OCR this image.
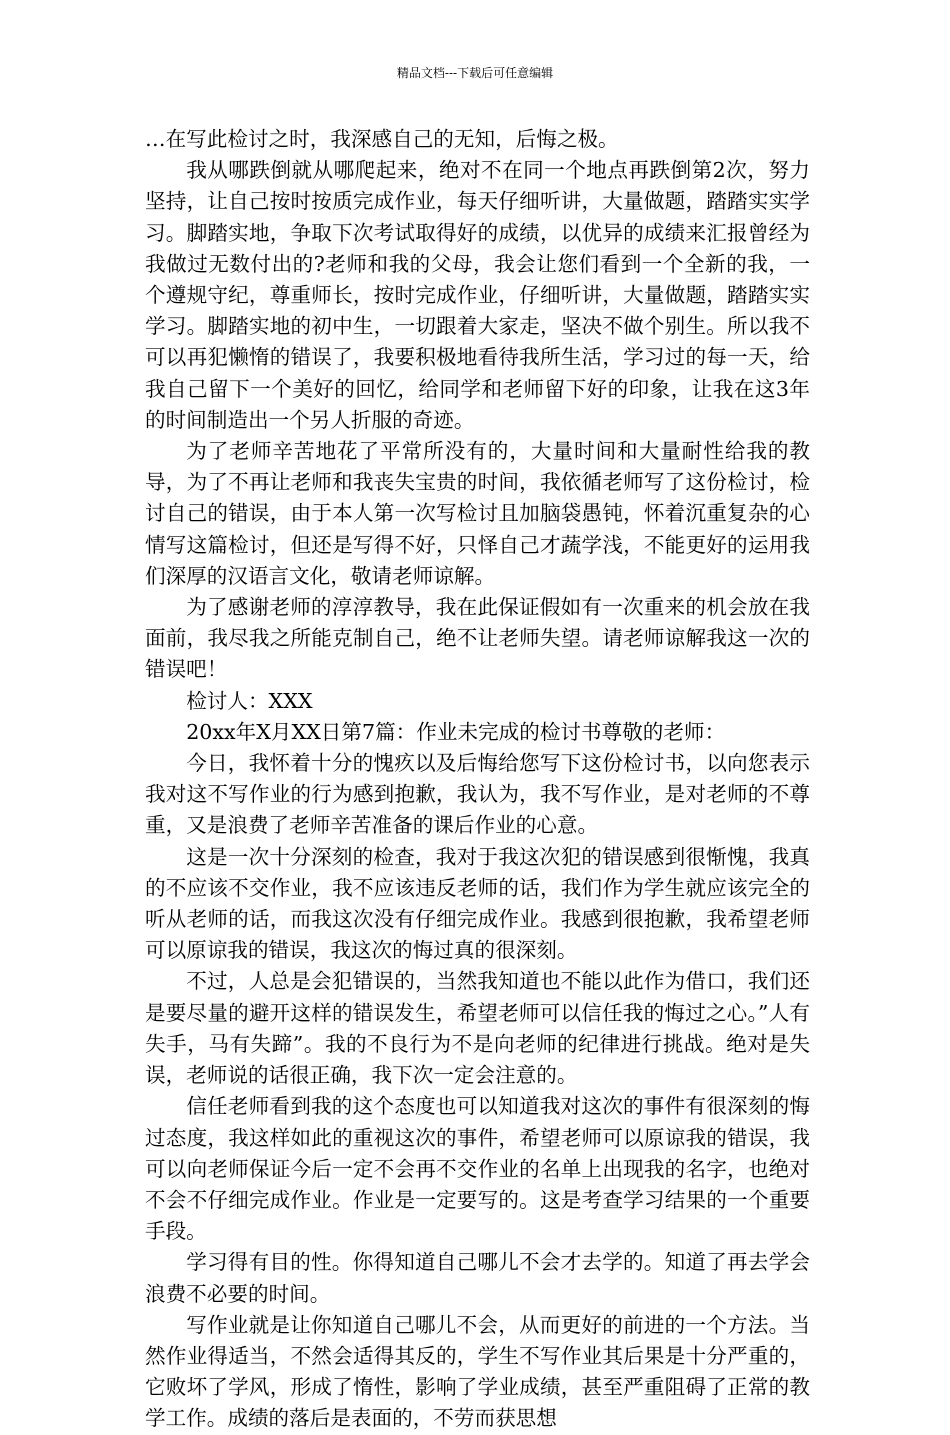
精品文档---下载后可任意编辑

…在写此检讨之时，我深感自己的无知，后悔之极。

我从哪跌倒就从哪爬起来，绝对不在同一个地点再跌倒第2次，努力坚持，让自己按时按质完成作业，每天仔细听讲，大量做题，踏踏实实学习。脚踏实地，争取下次考试取得好的成绩，以优异的成绩来汇报曾经为我做过无数付出的?老师和我的父母，我会让您们看到一个全新的我，一个遵规守纪，尊重师长，按时完成作业，仔细听讲，大量做题，踏踏实实学习。脚踏实地的初中生，一切跟着大家走，坚决不做个别生。所以我不可以再犯懒惰的错误了，我要积极地看待我所生活，学习过的每一天，给我自己留下一个美好的回忆，给同学和老师留下好的印象，让我在这3年的时间制造出一个另人折服的奇迹。

为了老师辛苦地花了平常所没有的，大量时间和大量耐性给我的教导，为了不再让老师和我丧失宝贵的时间，我依循老师写了这份检讨，检讨自己的错误，由于本人第一次写检讨且加脑袋愚钝，怀着沉重复杂的心情写这篇检讨，但还是写得不好，只怿自己才蔬学浅，不能更好的运用我们深厚的汉语言文化，敬请老师谅解。

为了感谢老师的淳淳教导，我在此保证假如有一次重来的机会放在我面前，我尽我之所能克制自己，绝不让老师失望。请老师谅解我这一次的错误吧！

检讨人：XXX

20xx年X月XX日第7篇：作业未完成的检讨书尊敬的老师：

今日，我怀着十分的愧疚以及后悔给您写下这份检讨书，以向您表示我对这不写作业的行为感到抱歉，我认为，我不写作业，是对老师的不尊重，又是浪费了老师辛苦准备的课后作业的心意。

这是一次十分深刻的检查，我对于我这次犯的错误感到很惭愧，我真的不应该不交作业，我不应该违反老师的话，我们作为学生就应该完全的听从老师的话，而我这次没有仔细完成作业。我感到很抱歉，我希望老师可以原谅我的错误，我这次的悔过真的很深刻。

不过，人总是会犯错误的，当然我知道也不能以此作为借口，我们还是要尽量的避开这样的错误发生，希望老师可以信任我的悔过之心。”人有失手，马有失蹄”。我的不良行为不是向老师的纪律进行挑战。绝对是失误，老师说的话很正确，我下次一定会注意的。

信任老师看到我的这个态度也可以知道我对这次的事件有很深刻的悔过态度，我这样如此的重视这次的事件，希望老师可以原谅我的错误，我可以向老师保证今后一定不会再不交作业的名单上出现我的名字，也绝对不会不仔细完成作业。作业是一定要写的。这是考查学习结果的一个重要手段。

学习得有目的性。你得知道自己哪儿不会才去学的。知道了再去学会浪费不必要的时间。

写作业就是让你知道自己哪儿不会，从而更好的前进的一个方法。当然作业得适当，不然会适得其反的，学生不写作业其后果是十分严重的，它败坏了学风，形成了惰性，影响了学业成绩，甚至严重阻碍了正常的教学工作。成绩的落后是表面的，不劳而获思想
